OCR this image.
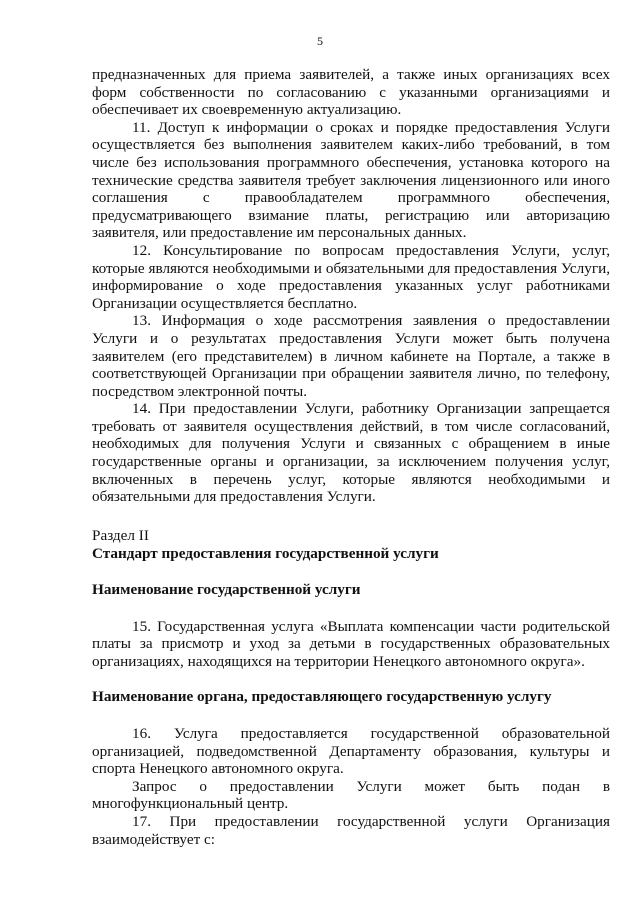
5

предназначенных для приема заявителей, а также иных организациях всех форм собственности по согласованию с указанными организациями и обеспечивает их своевременную актуализацию.

11. Доступ к информации о сроках и порядке предоставления Услуги осуществляется без выполнения заявителем каких-либо требований, в том числе без использования программного обеспечения, установка которого на технические средства заявителя требует заключения лицензионного или иного соглашения с правообладателем программного обеспечения, предусматривающего взимание платы, регистрацию или авторизацию заявителя, или предоставление им персональных данных.

12. Консультирование по вопросам предоставления Услуги, услуг, которые являются необходимыми и обязательными для предоставления Услуги, информирование о ходе предоставления указанных услуг работниками Организации осуществляется бесплатно.

13. Информация о ходе рассмотрения заявления о предоставлении Услуги и о результатах предоставления Услуги может быть получена заявителем (его представителем) в личном кабинете на Портале, а также в соответствующей Организации при обращении заявителя лично, по телефону, посредством электронной почты.

14. При предоставлении Услуги, работнику Организации запрещается требовать от заявителя осуществления действий, в том числе согласований, необходимых для получения Услуги и связанных с обращением в иные государственные органы и организации, за исключением получения услуг, включенных в перечень услуг, которые являются необходимыми и обязательными для предоставления Услуги.

Раздел II

Стандарт предоставления государственной услуги

Наименование государственной услуги

15. Государственная услуга «Выплата компенсации части родительской платы за присмотр и уход за детьми в государственных образовательных организациях, находящихся на территории Ненецкого автономного округа».

Наименование органа, предоставляющего государственную услугу

16. Услуга предоставляется государственной образовательной организацией, подведомственной Департаменту образования, культуры и спорта Ненецкого автономного округа.

Запрос о предоставлении Услуги может быть подан в многофункциональный центр.

17. При предоставлении государственной услуги Организация взаимодействует с:
